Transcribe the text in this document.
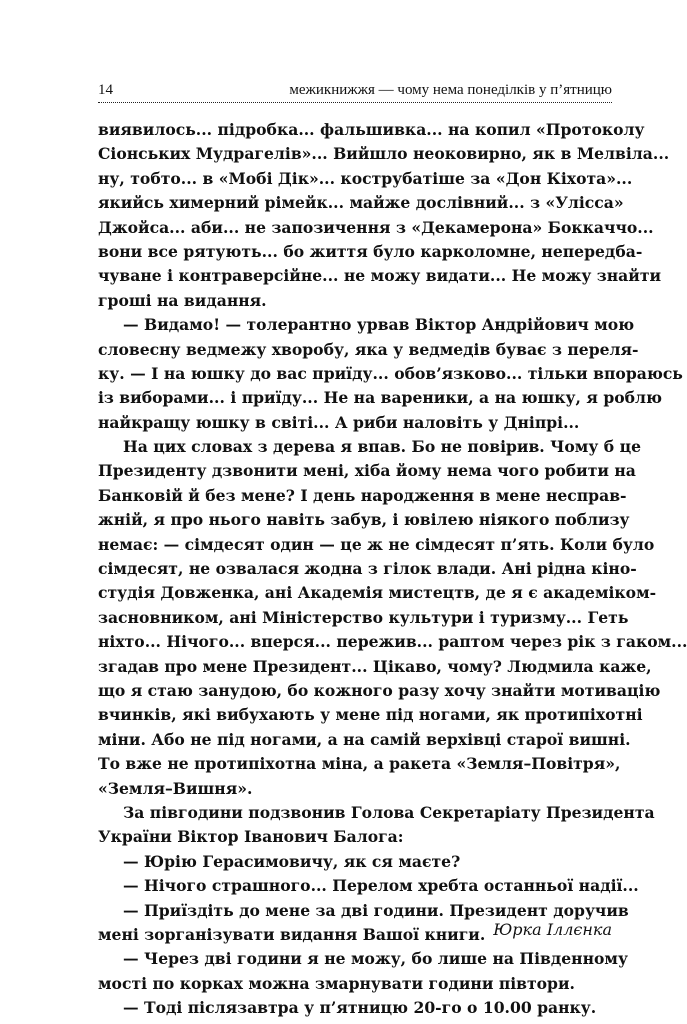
14	межикнижжя — чому нема понеділків у п’ятницю
виявилось... підробка... фальшивка... на копил «Протоколу
Сіонських Мудрагелів»... Вийшло неоковирно, як в Мелвіла...
ну, тобто... в «Мобі Дік»... кострубатіше за «Дон Кіхота»...
якийсь химерний рімейк... майже дослівний... з «Улісса»
Джойса... аби... не запозичення з «Декамерона» Боккаччо...
вони все рятують... бо життя було карколомне, непередба-
чуване і контраверсійне... не можу видати... Не можу знайти
гроші на видання.
— Видамо! — толерантно урвав Віктор Андрійович мою
словесну ведмежу хворобу, яка у ведмедів буває з переля-
ку. — І на юшку до вас приїду... обов’язково... тільки впораюсь
із виборами... і приїду... Не на вареники, а на юшку, я роблю
найкращу юшку в світі... А риби наловіть у Дніпрі...
На цих словах з дерева я впав. Бо не повірив. Чому б це
Президенту дзвонити мені, хіба йому нема чого робити на
Банковій й без мене? І день народження в мене несправ-
жній, я про нього навіть забув, і ювілею ніякого поблизу
немає: — сімдесят один — це ж не сімдесят п’ять. Коли було
сімдесят, не озвалася жодна з гілок влади. Ані рідна кіно-
студія Довженка, ані Академія мистецтв, де я є академіком-
засновником, ані Міністерство культури і туризму... Геть
ніхто... Нічого... вперся... пережив... раптом через рік з гаком...
згадав про мене Президент... Цікаво, чому? Людмила каже,
що я стаю занудою, бо кожного разу хочу знайти мотивацію
вчинків, які вибухають у мене під ногами, як протипіхотні
міни. Або не під ногами, а на самій верхівці старої вишні.
То вже не протипіхотна міна, а ракета «Земля–Повітря»,
«Земля–Вишня».
За півгодини подзвонив Голова Секретаріату Президента
України Віктор Іванович Балога:
— Юрію Герасимовичу, як ся маєте?
— Нічого страшного... Перелом хребта останньої надії...
— Приїздіть до мене за дві години. Президент доручив
мені зорганізувати видання Вашої книги.
— Через дві години я не можу, бо лише на Південному
мості по корках можна змарнувати години півтори.
— Тоді післязавтра у п’ятницю 20-го о 10.00 ранку.
Юрка Іллєнка
